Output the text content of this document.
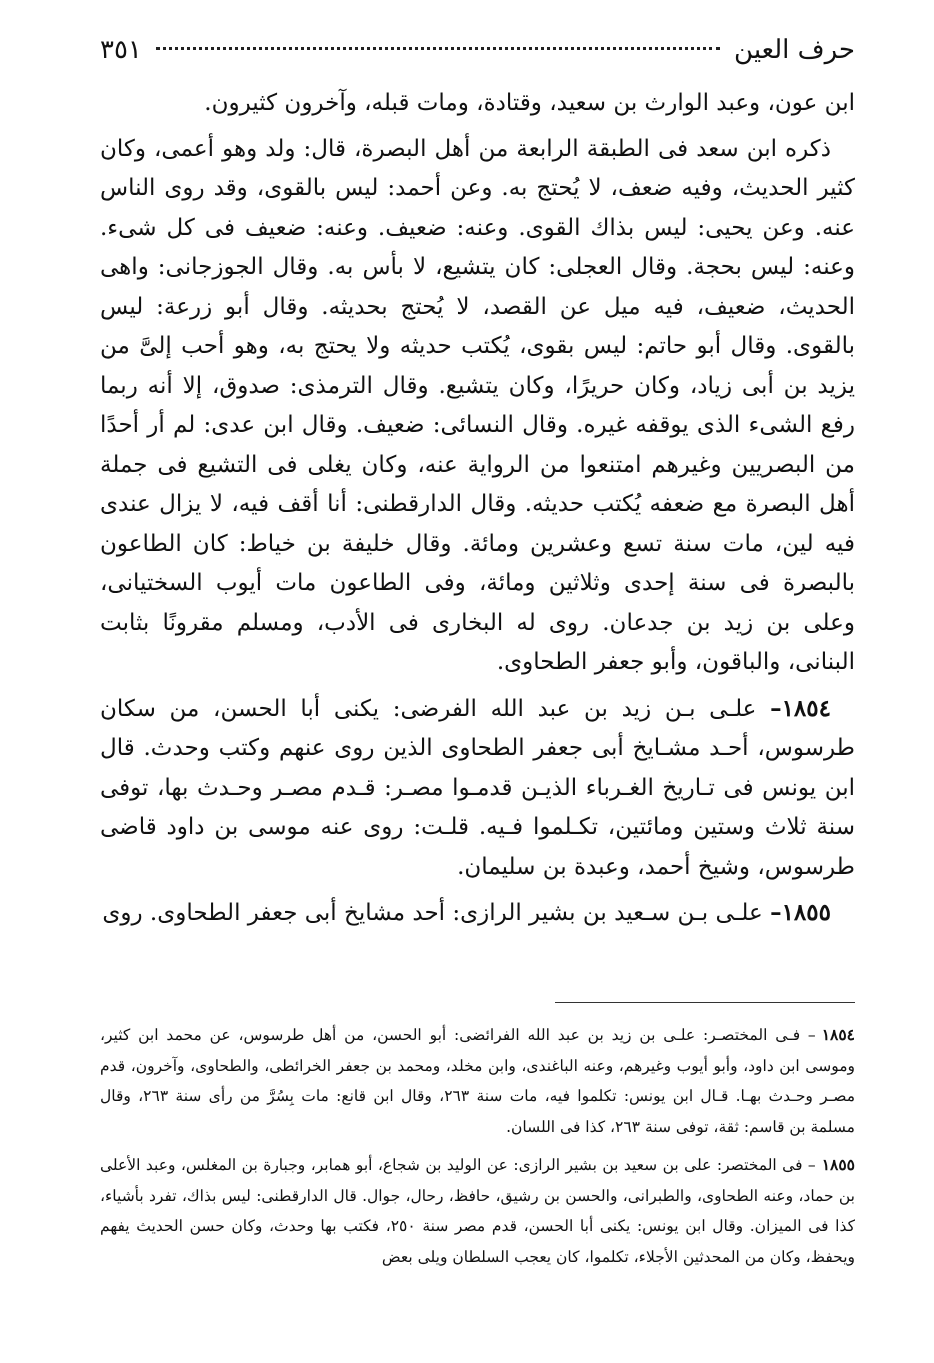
حرف العين
٣٥١

ابن عون، وعبد الوارث بن سعيد، وقتادة، ومات قبله، وآخرون كثيرون.

ذكره ابن سعد فى الطبقة الرابعة من أهل البصرة، قال: ولد وهو أعمى، وكان كثير الحديث، وفيه ضعف، لا يُحتج به. وعن أحمد: ليس بالقوى، وقد روى الناس عنه. وعن يحيى: ليس بذاك القوى. وعنه: ضعيف. وعنه: ضعيف فى كل شىء. وعنه: ليس بحجة. وقال العجلى: كان يتشيع، لا بأس به. وقال الجوزجانى: واهى الحديث، ضعيف، فيه ميل عن القصد، لا يُحتج بحديثه. وقال أبو زرعة: ليس بالقوى. وقال أبو حاتم: ليس بقوى، يُكتب حديثه ولا يحتج به، وهو أحب إلىَّ من يزيد بن أبى زياد، وكان حريرًا، وكان يتشيع. وقال الترمذى: صدوق، إلا أنه ربما رفع الشىء الذى يوقفه غيره. وقال النسائى: ضعيف. وقال ابن عدى: لم أر أحدًا من البصريين وغيرهم امتنعوا من الرواية عنه، وكان يغلى فى التشيع فى جملة أهل البصرة مع ضعفه يُكتب حديثه. وقال الدارقطنى: أنا أقف فيه، لا يزال عندى فيه لين، مات سنة تسع وعشرين ومائة. وقال خليفة بن خياط: كان الطاعون بالبصرة فى سنة إحدى وثلاثين ومائة، وفى الطاعون مات أيوب السختيانى، وعلى بن زيد بن جدعان. روى له البخارى فى الأدب، ومسلم مقرونًا بثابت البنانى، والباقون، وأبو جعفر الطحاوى.

١٨٥٤– علـى بـن زيد بن عبد الله الفرضى: يكنى أبا الحسن، من سكان طرسوس، أحـد مشـايخ أبى جعفر الطحاوى الذين روى عنهم وكتب وحدث. قال ابن يونس فى تـاريخ الغـرباء الذيـن قدمـوا مصـر: قـدم مصـر وحـدث بها، توفى سنة ثلاث وستين ومائتين، تكـلموا فـيه. قلـت: روى عنه موسى بن داود قاضى طرسوس، وشيخ أحمد، وعبدة بن سليمان.

١٨٥٥– علـى بـن سـعيد بن بشير الرازى: أحد مشايخ أبى جعفر الطحاوى. روى

١٨٥٤– فـى المختصـر: علـى بن زيد بن عبد الله الفرائضى: أبو الحسن، من أهل طرسوس، عن محمد ابن كثير، وموسى ابن داود، وأبو أيوب وغيرهم، وعنه الباغندى، وابن مخلد، ومحمد بن جعفر الخرائطى، والطحاوى، وآخرون، قدم مصـر وحـدث بهـا. قـال ابن يونس: تكلموا فيه، مات سنة ٢٦٣، وقال ابن قانع: مات بِسُرَّ من رأى سنة ٢٦٣، وقال مسلمة بن قاسم: ثقة، توفى سنة ٢٦٣، كذا فى اللسان.

١٨٥٥– فى المختصر: على بن سعيد بن بشير الرازى: عن الوليد بن شجاع، أبو همابر، وجبارة بن المغلس، وعبد الأعلى بن حماد، وعنه الطحاوى، والطبرانى، والحسن بن رشيق، حافظ، رحال، جوال. قال الدارقطنى: ليس بذاك، تفرد بأشياء، كذا فى الميزان. وقال ابن يونس: يكنى أبا الحسن، قدم مصر سنة ٢٥٠، فكتب بها وحدث، وكان حسن الحديث يفهم ويحفظ، وكان من المحدثين الأجلاء، تكلموا، كان يعجب السلطان ويلى بعض
